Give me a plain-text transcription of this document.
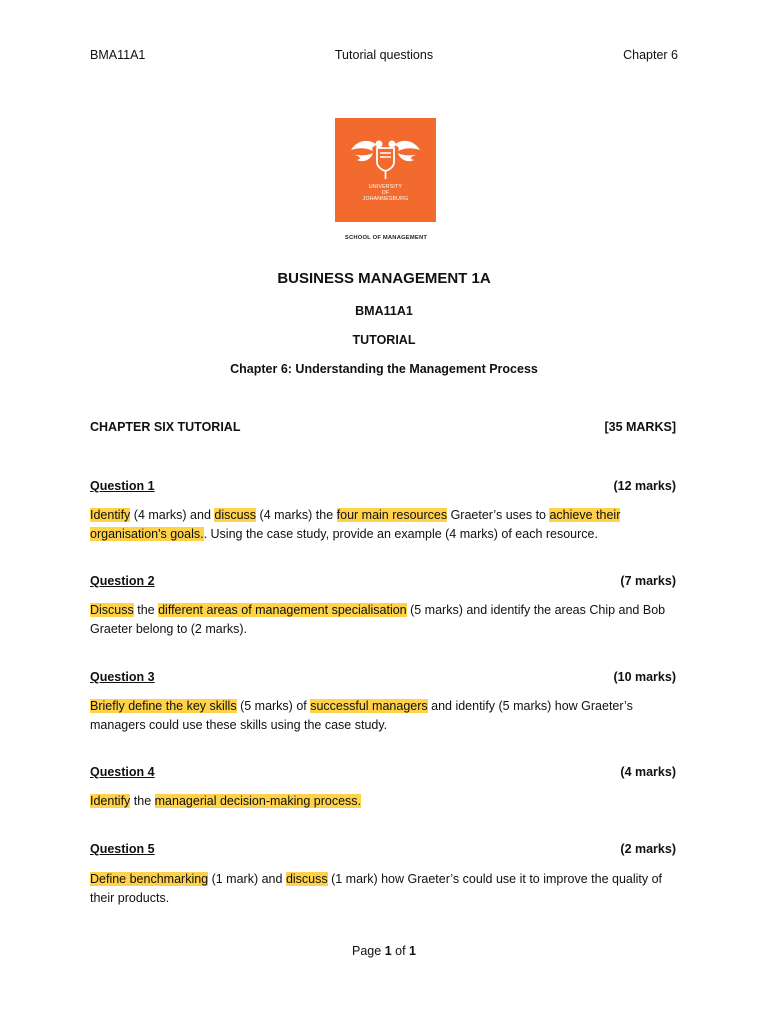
BMA11A1	Tutorial questions	Chapter 6
UNIVERSITY
OF
JOHANNESBURG
SCHOOL OF MANAGEMENT
BUSINESS MANAGEMENT 1A
BMA11A1
TUTORIAL
Chapter 6: Understanding the Management Process
CHAPTER SIX TUTORIAL	[35 MARKS]
Question 1	(12 marks)
Identify (4 marks) and discuss (4 marks) the four main resources Graeter’s uses to achieve their organisation's goals.. Using the case study, provide an example (4 marks) of each resource.
Question 2	(7 marks)
Discuss the different areas of management specialisation (5 marks) and identify the areas Chip and Bob Graeter belong to (2 marks).
Question 3	(10 marks)
Briefly define the key skills (5 marks) of successful managers and identify (5 marks) how Graeter’s managers could use these skills using the case study.
Question 4	(4 marks)
Identify the managerial decision-making process.
Question 5	(2 marks)
Define benchmarking (1 mark) and discuss (1 mark) how Graeter’s could use it to improve the quality of their products.
Page 1 of 1
